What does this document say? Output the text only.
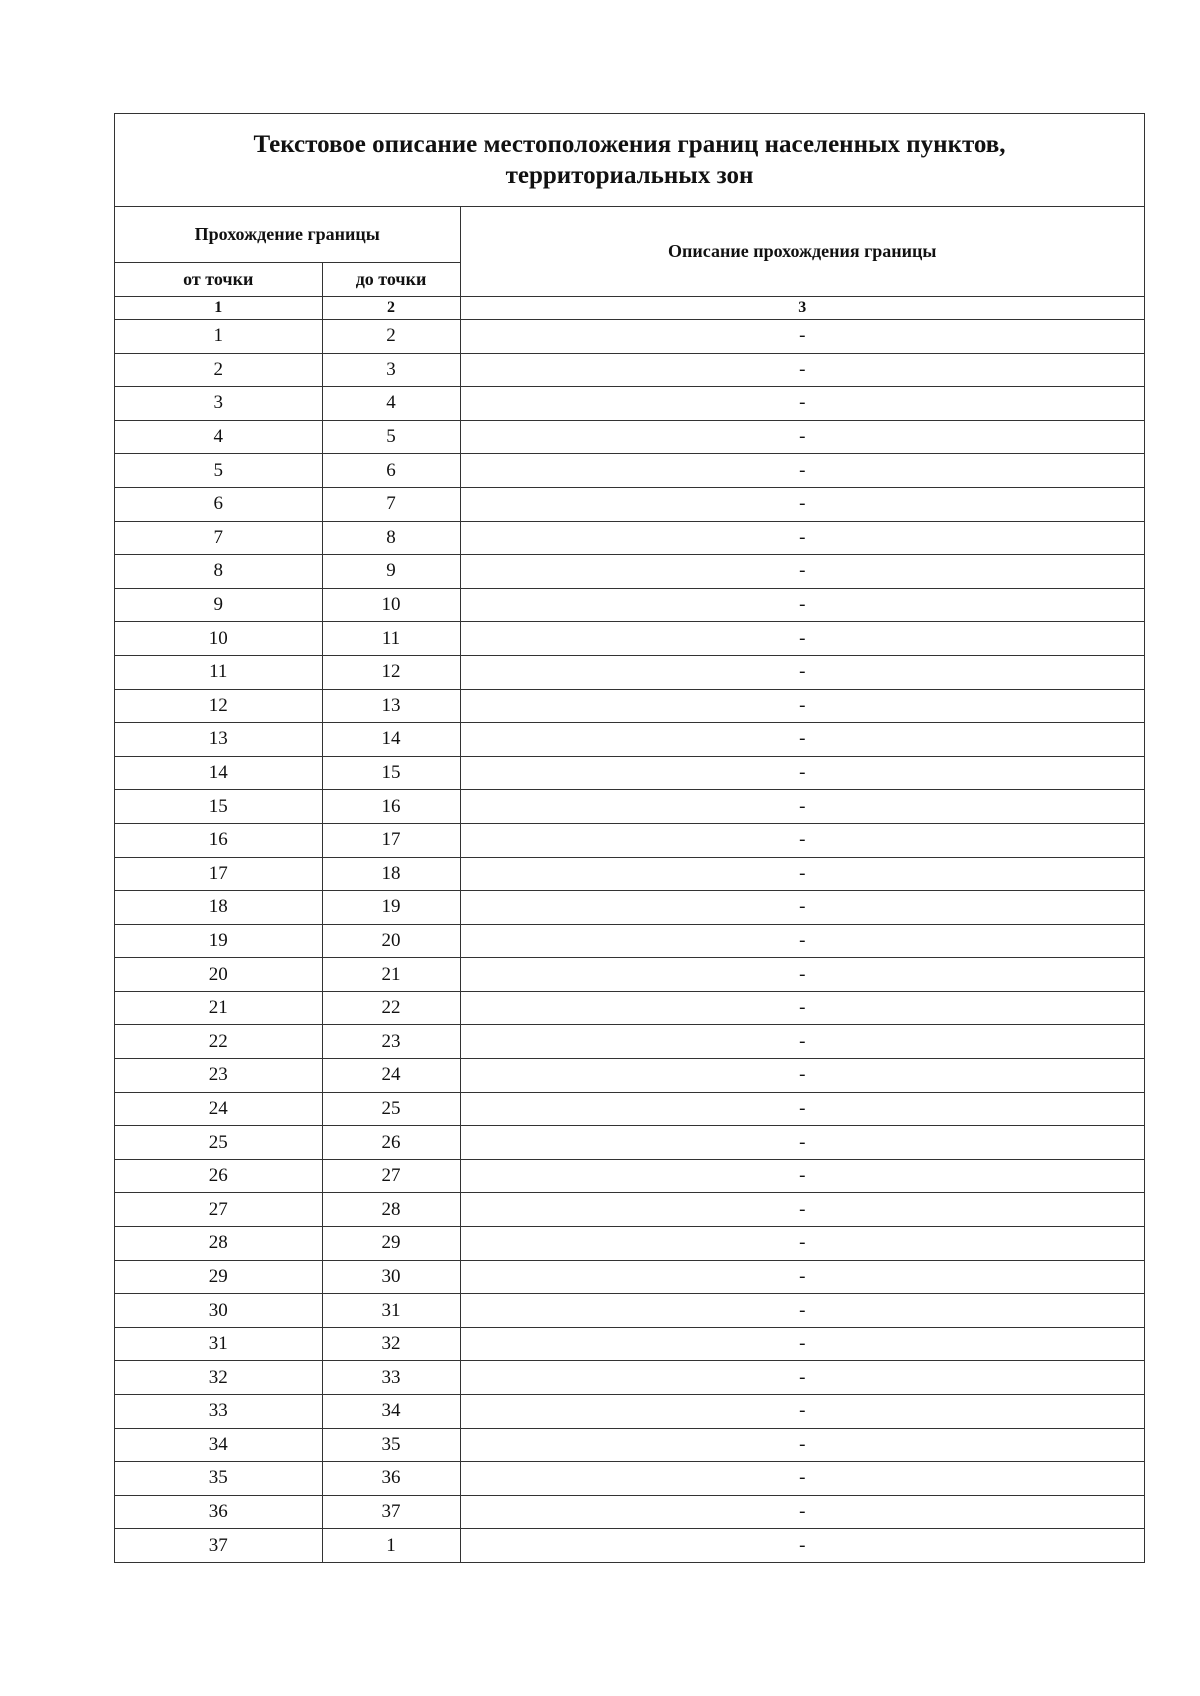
Текстовое описание местоположения границ населенных пунктов,
территориальных зон
Прохождение границы		Описание прохождения границы
от точки	до точки	
1	2	3
1	2	-
2	3	-
3	4	-
4	5	-
5	6	-
6	7	-
7	8	-
8	9	-
9	10	-
10	11	-
11	12	-
12	13	-
13	14	-
14	15	-
15	16	-
16	17	-
17	18	-
18	19	-
19	20	-
20	21	-
21	22	-
22	23	-
23	24	-
24	25	-
25	26	-
26	27	-
27	28	-
28	29	-
29	30	-
30	31	-
31	32	-
32	33	-
33	34	-
34	35	-
35	36	-
36	37	-
37	1	-
